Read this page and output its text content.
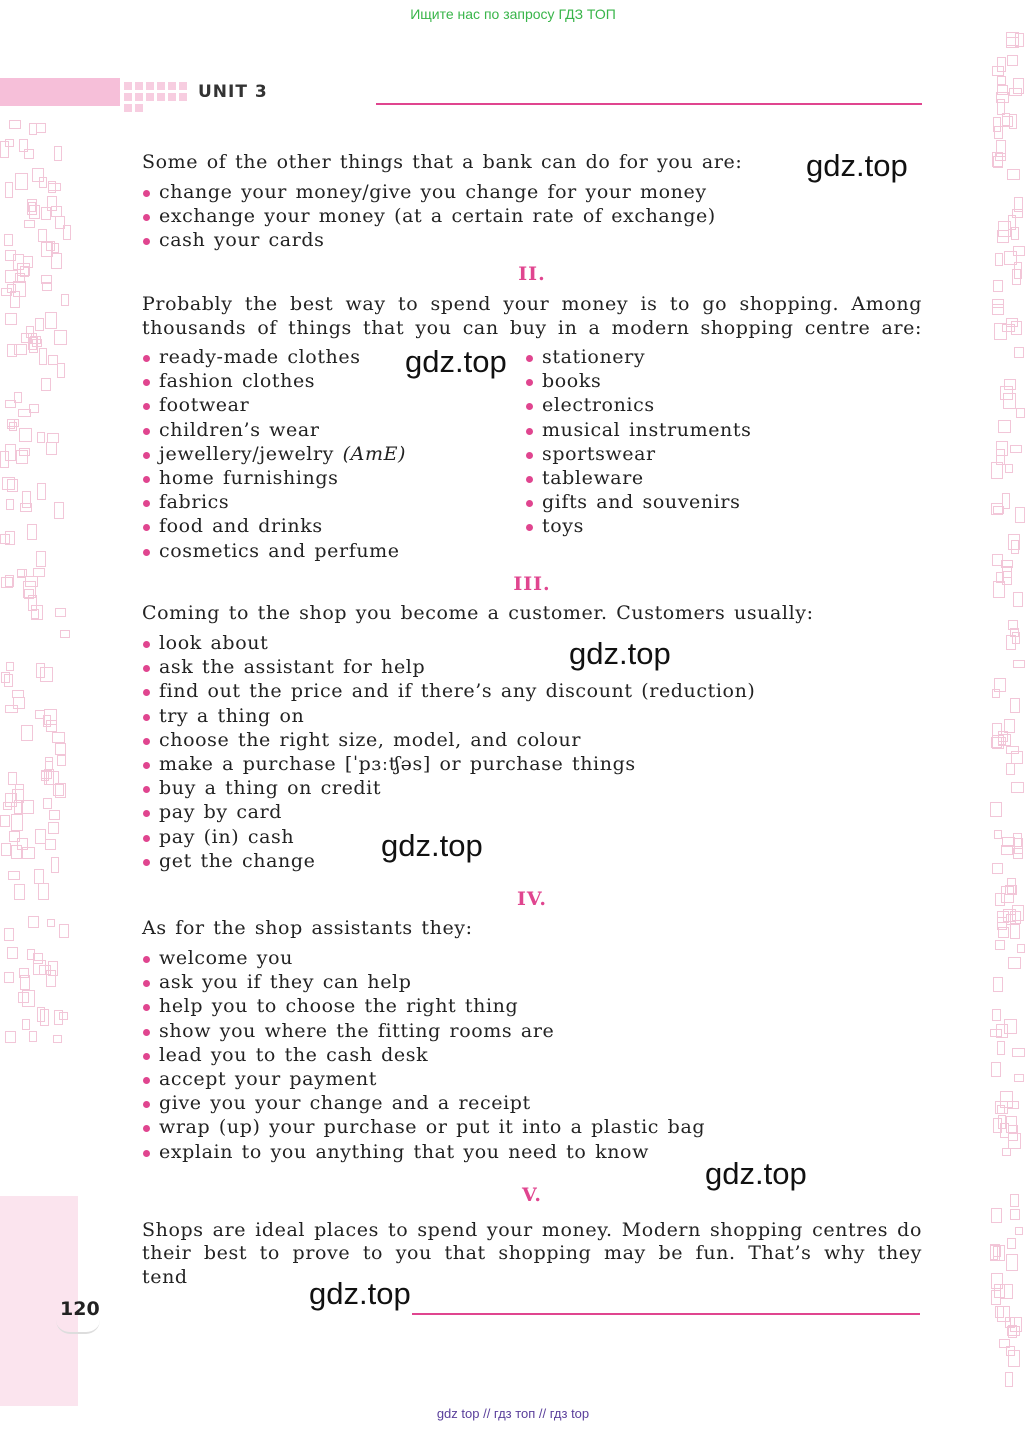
Ищите нас по запросу ГДЗ ТОП
UNIT 3
Some of the other things that a bank can do for you are:
change your money/give you change for your money
exchange your money (at a certain rate of exchange)
cash your cards
II.
Probably the best way to spend your money is to go shopping. Among
thousands of things that you can buy in a modern shopping centre are:
ready-made clothes
fashion clothes
footwear
children’s wear
jewellery/jewelry (AmE)
home furnishings
fabrics
food and drinks
cosmetics and perfume
stationery
books
electronics
musical instruments
sportswear
tableware
gifts and souvenirs
toys
III.
Coming to the shop you become a customer. Customers usually:
look about
ask the assistant for help
find out the price and if there’s any discount (reduction)
try a thing on
choose the right size, model, and colour
make a purchase [ˈpɜːʧəs] or purchase things
buy a thing on credit
pay by card
pay (in) cash
get the change
IV.
As for the shop assistants they:
welcome you
ask you if they can help
help you to choose the right thing
show you where the fitting rooms are
lead you to the cash desk
accept your payment
give you your change and a receipt
wrap (up) your purchase or put it into a plastic bag
explain to you anything that you need to know
V.
Shops are ideal places to spend your money. Modern shopping centres do
their best to prove to you that shopping may be fun. That’s why they tend
gdz.top
gdz.top
gdz.top
gdz.top
gdz.top
gdz.top
120
gdz top // гдз топ // гдз top
